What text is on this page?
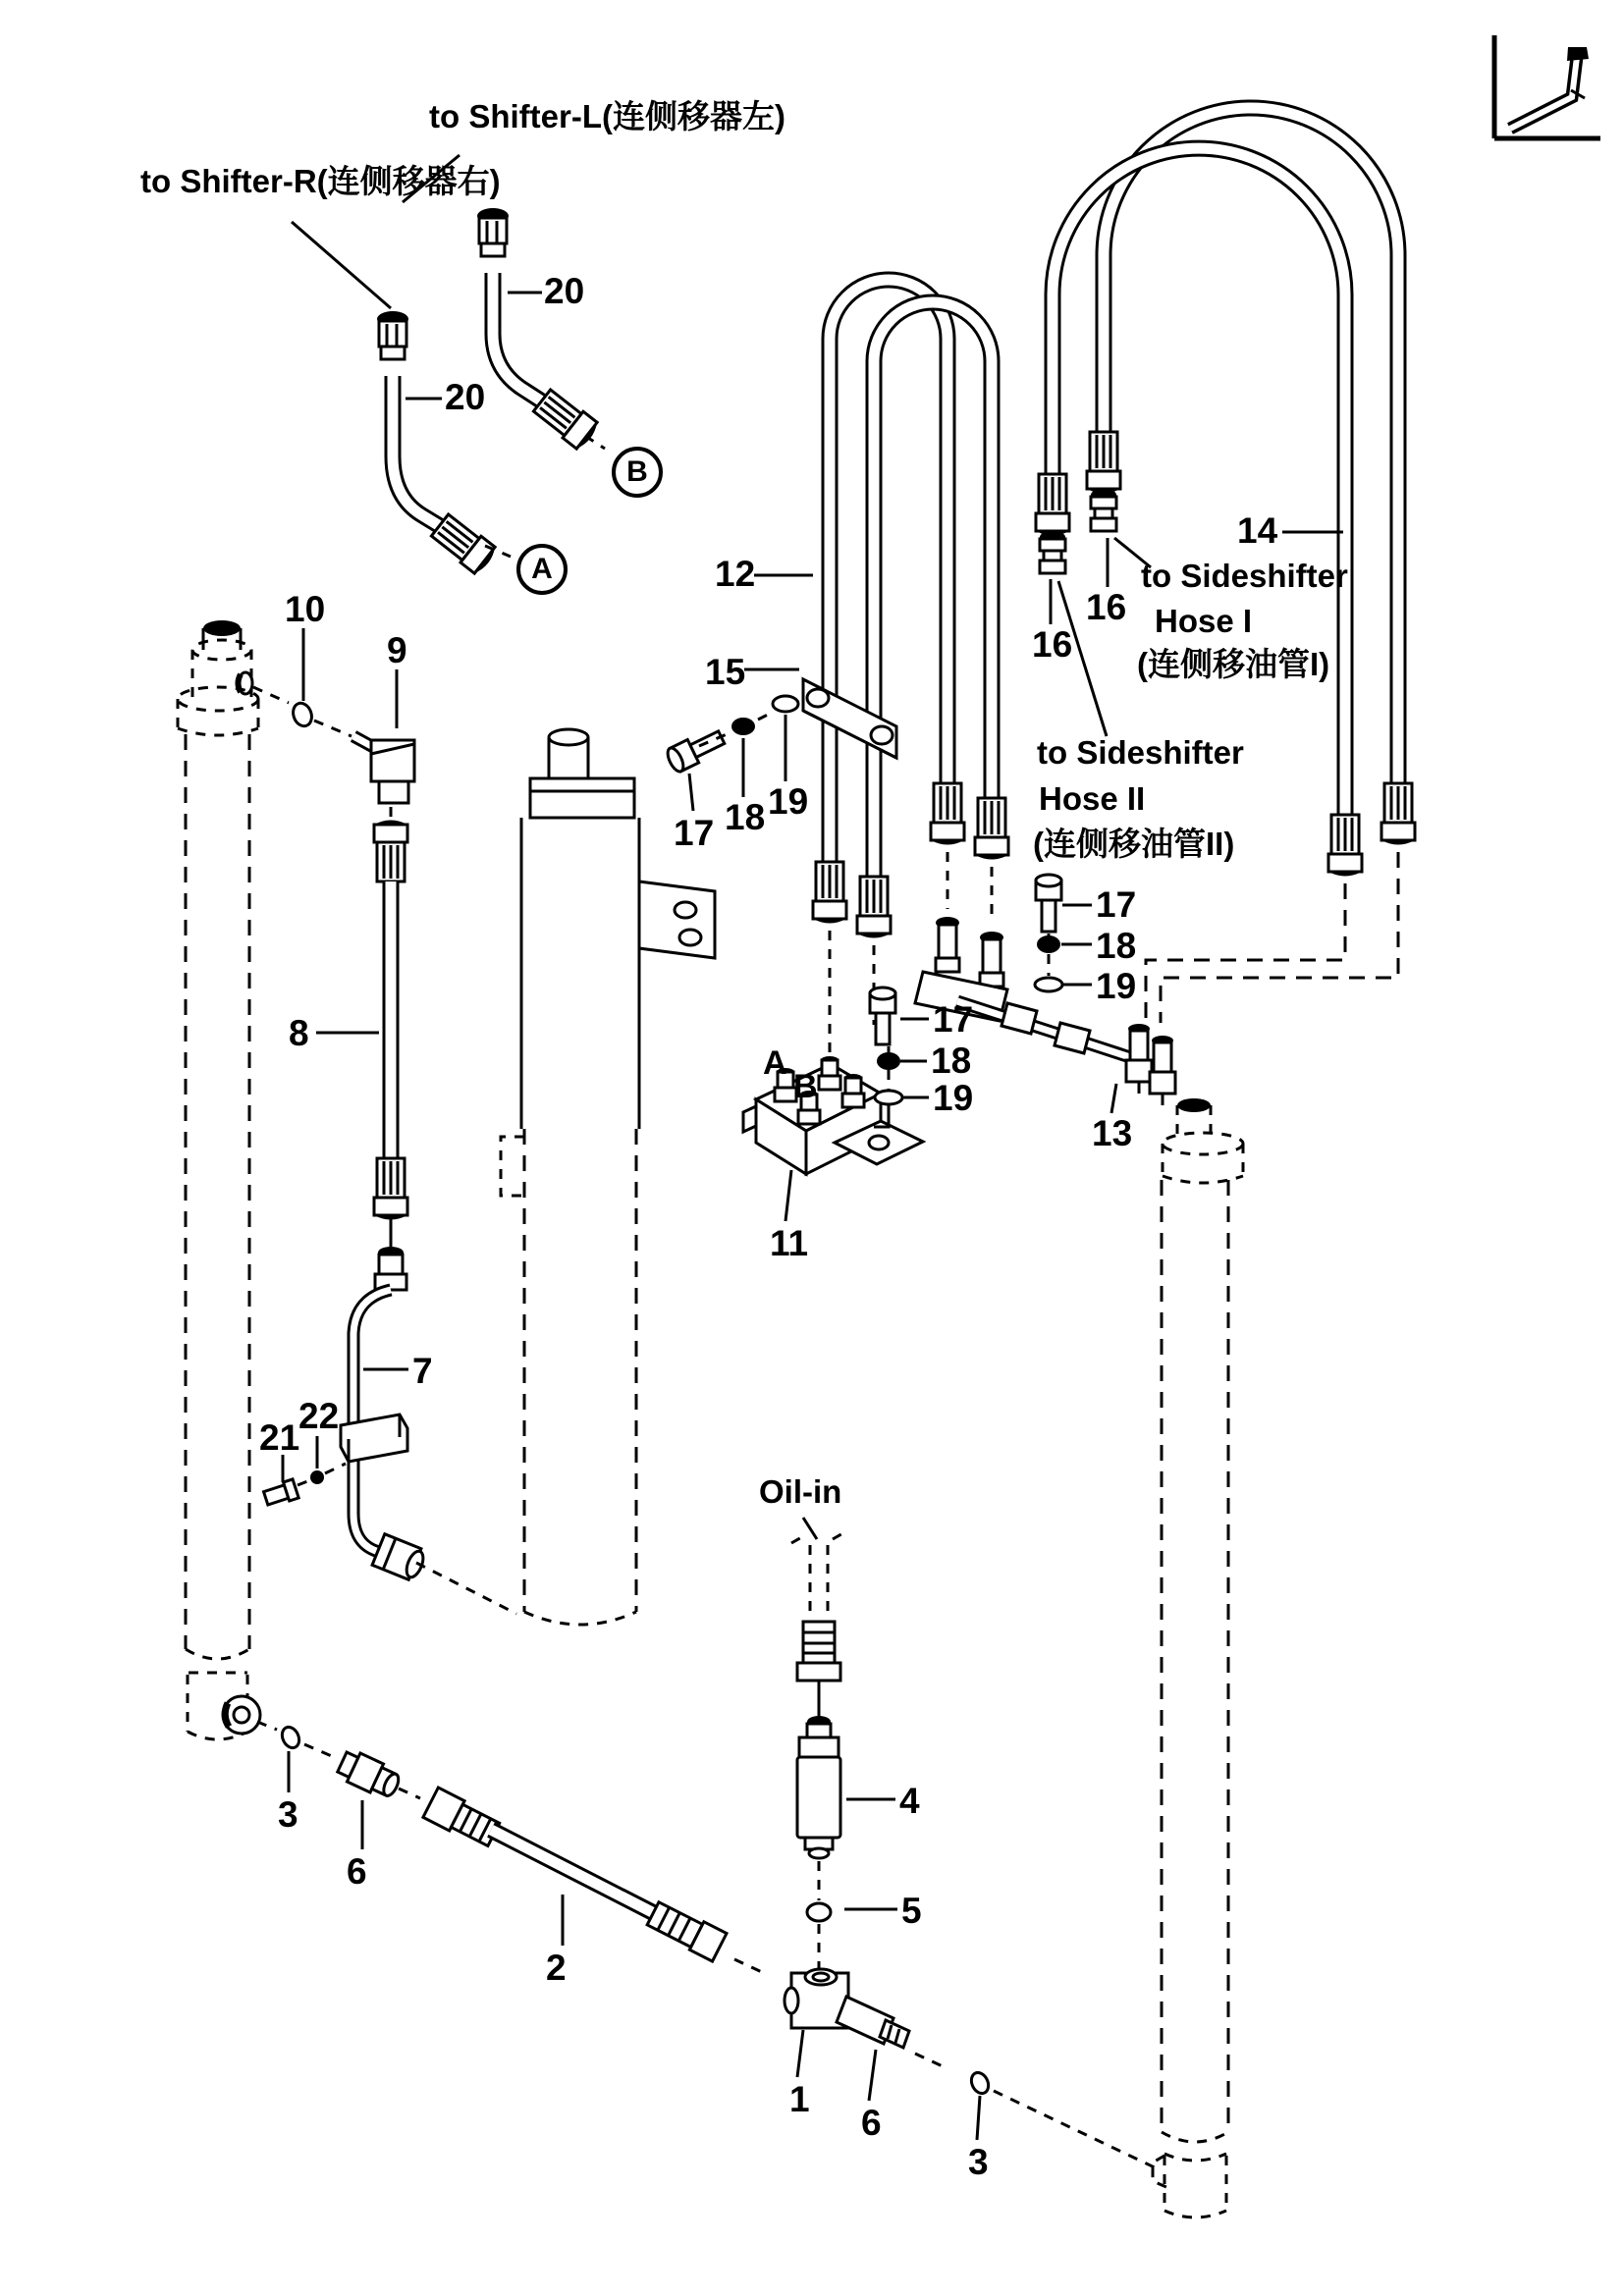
to Shifter-L(连侧移器左)
to Shifter-R(连侧移器右)
to Sideshifter
Hose I
(连侧移油管I)
to Sideshifter
Hose II
(连侧移油管II)
Oil-in
A
B
A
B
20
20
10
9
12
15
17 18 19
16
16
14
17
18
19
17
18
19
13
11
8
7
22
21
3
6
2
4
5
1
6
3
